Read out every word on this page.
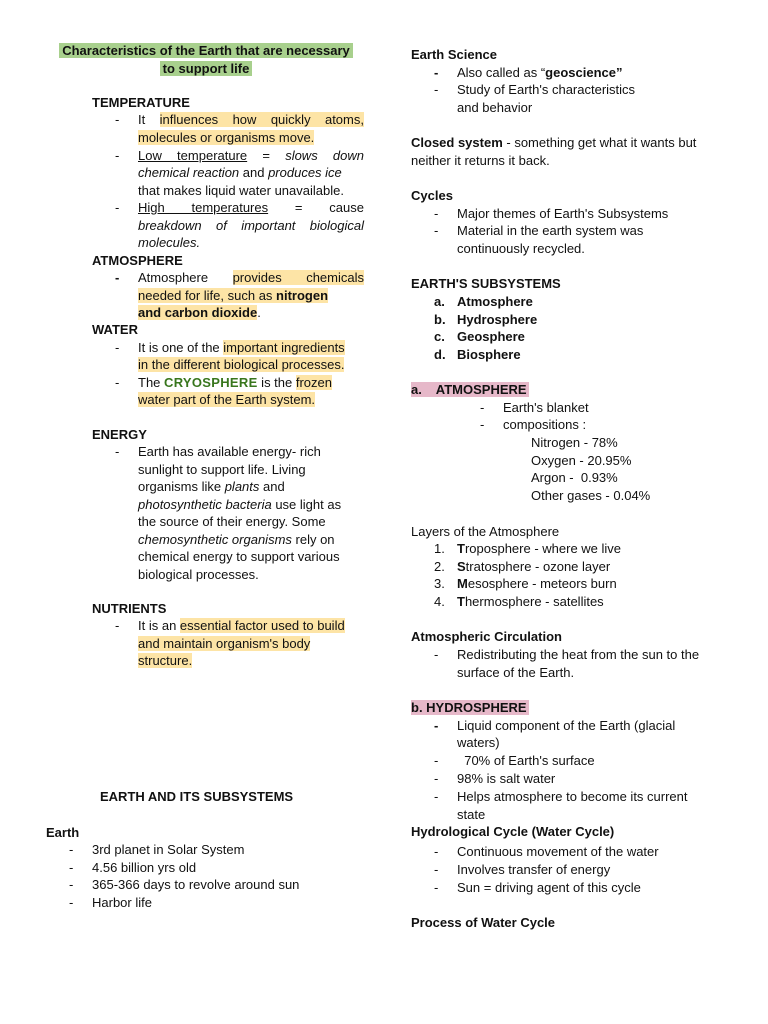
Characteristics of the Earth that are necessary
to support life
TEMPERATURE
- It influences how quickly atoms,
molecules or organisms move.
- Low temperature = slows down
chemical reaction and produces ice
that makes liquid water unavailable.
- High temperatures = cause
breakdown of important biological
molecules.
ATMOSPHERE
- Atmosphere provides chemicals
needed for life, such as nitrogen
and carbon dioxide.
WATER
- It is one of the important ingredients
in the different biological processes.
- The CRYOSPHERE is the frozen
water part of the Earth system.
ENERGY
- Earth has available energy- rich
sunlight to support life. Living
organisms like plants and
photosynthetic bacteria use light as
the source of their energy. Some
chemosynthetic organisms rely on
chemical energy to support various
biological processes.
NUTRIENTS
- It is an essential factor used to build
and maintain organism's body
structure.
EARTH AND ITS SUBSYSTEMS
Earth
- 3rd planet in Solar System
- 4.56 billion yrs old
- 365-366 days to revolve around sun
- Harbor life
Earth Science
- Also called as “geoscience”
- Study of Earth's characteristics
and behavior
Closed system - something get what it wants but
neither it returns it back.
Cycles
- Major themes of Earth's Subsystems
- Material in the earth system was
continuously recycled.
EARTH'S SUBSYSTEMS
a. Atmosphere
b. Hydrosphere
c. Geosphere
d. Biosphere
a.    ATMOSPHERE
- Earth's blanket
- compositions :
Nitrogen - 78%
Oxygen - 20.95%
Argon -  0.93%
Other gases - 0.04%
Layers of the Atmosphere
1. Troposphere - where we live
2. Stratosphere - ozone layer
3. Mesosphere - meteors burn
4. Thermosphere - satellites
Atmospheric Circulation
- Redistributing the heat from the sun to the
surface of the Earth.
b. HYDROSPHERE
- Liquid component of the Earth (glacial
waters)
- 70% of Earth's surface
- 98% is salt water
- Helps atmosphere to become its current
state
Hydrological Cycle (Water Cycle)
- Continuous movement of the water
- Involves transfer of energy
- Sun = driving agent of this cycle
Process of Water Cycle
